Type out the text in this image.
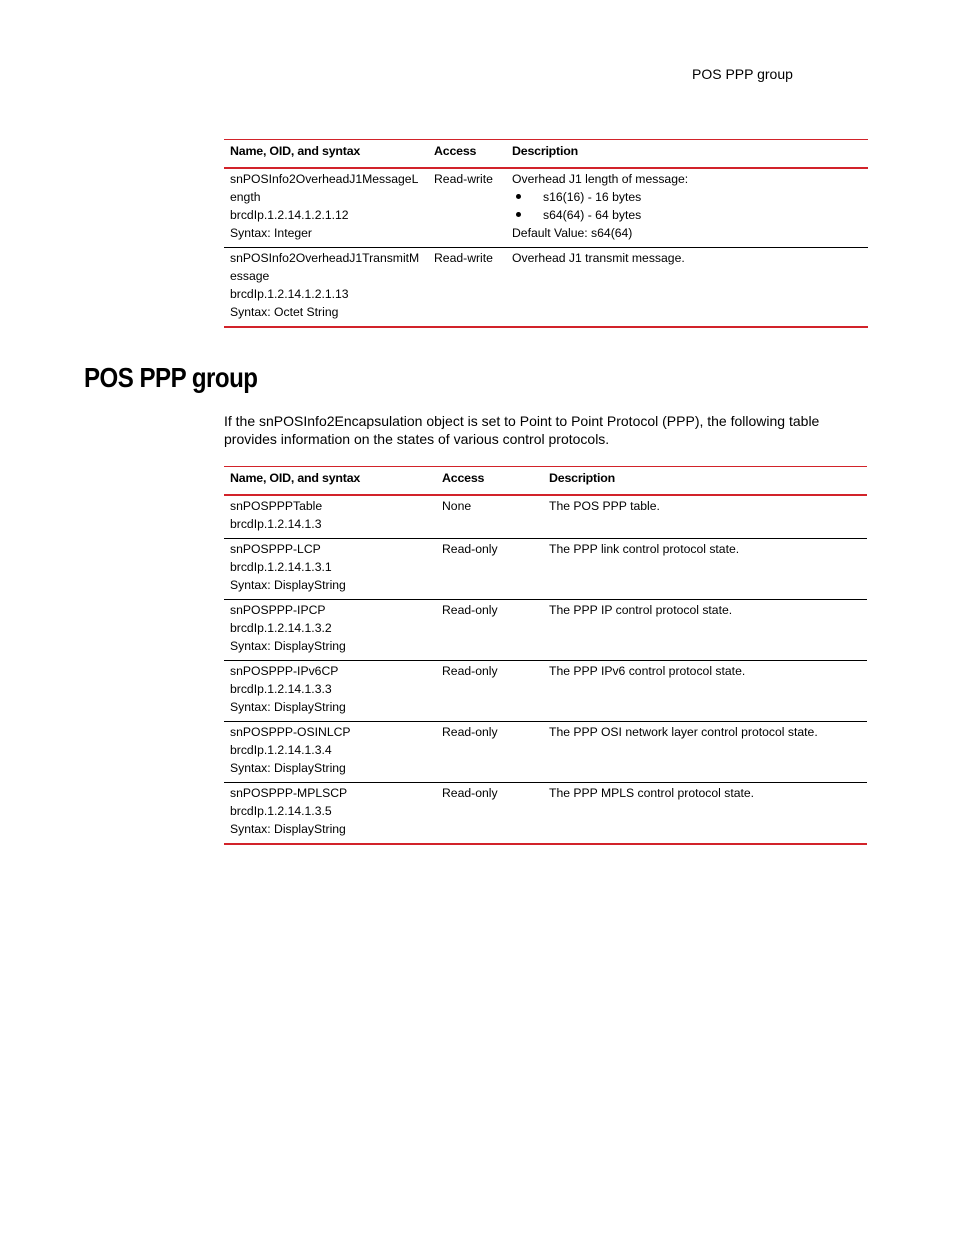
POS PPP group
Name, OID, and syntax	Access	Description

snPOSInfo2OverheadJ1MessageL
ength
brcdIp.1.2.14.1.2.1.12
Syntax: Integer	Read-write	Overhead J1 length of message:
s16(16) - 16 bytes
s64(64) - 64 bytes
Default Value: s64(64)

snPOSInfo2OverheadJ1TransmitM
essage
brcdIp.1.2.14.1.2.1.13
Syntax: Octet String	Read-write	Overhead J1 transmit message.
POS PPP group

If the snPOSInfo2Encapsulation object is set to Point to Point Protocol (PPP), the following table
provides information on the states of various control protocols.

Name, OID, and syntax	Access	Description

snPOSPPPTable
brcdIp.1.2.14.1.3	None	The POS PPP table.

snPOSPPP-LCP
brcdIp.1.2.14.1.3.1
Syntax: DisplayString	Read-only	The PPP link control protocol state.

snPOSPPP-IPCP
brcdIp.1.2.14.1.3.2
Syntax: DisplayString	Read-only	The PPP IP control protocol state.

snPOSPPP-IPv6CP
brcdIp.1.2.14.1.3.3
Syntax: DisplayString	Read-only	The PPP IPv6 control protocol state.

snPOSPPP-OSINLCP
brcdIp.1.2.14.1.3.4
Syntax: DisplayString	Read-only	The PPP OSI network layer control protocol state.

snPOSPPP-MPLSCP
brcdIp.1.2.14.1.3.5
Syntax: DisplayString	Read-only	The PPP MPLS control protocol state.
